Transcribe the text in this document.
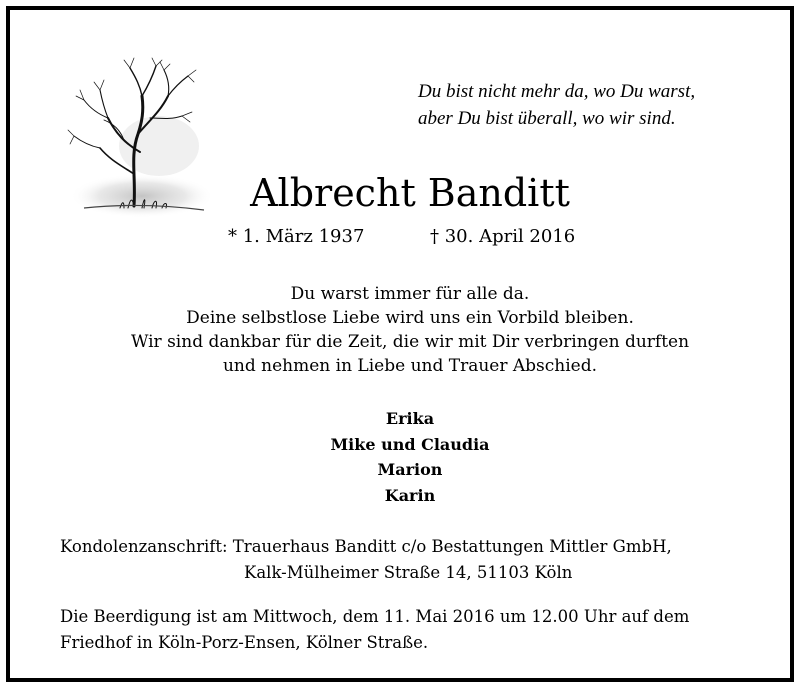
Du bist nicht mehr da, wo Du warst,
aber Du bist überall, wo wir sind.
Albrecht Banditt
* 1. März 1937	† 30. April 2016
Du warst immer für alle da.
Deine selbstlose Liebe wird uns ein Vorbild bleiben.
Wir sind dankbar für die Zeit, die wir mit Dir verbringen durften
und nehmen in Liebe und Trauer Abschied.
Erika
Mike und Claudia
Marion
Karin
Kondolenzanschrift: Trauerhaus Banditt c/o Bestattungen Mittler GmbH,
Kalk-Mülheimer Straße 14, 51103 Köln
Die Beerdigung ist am Mittwoch, dem 11. Mai 2016 um 12.00 Uhr auf dem
Friedhof in Köln-Porz-Ensen, Kölner Straße.
